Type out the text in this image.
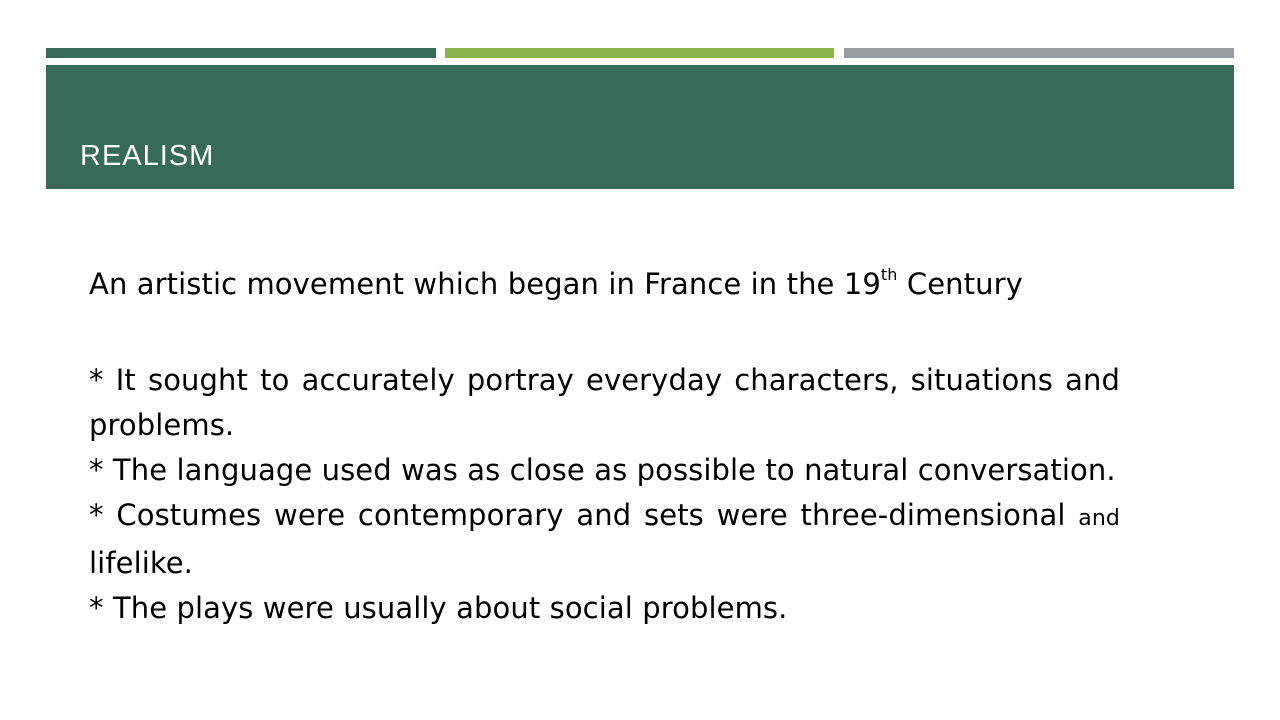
REALISM

An artistic movement which began in France in the 19th Century

* It sought to accurately portray everyday characters, situations and problems.

* The language used was as close as possible to natural conversation.

* Costumes were contemporary and sets were three-dimensional and lifelike.

* The plays were usually about social problems.
